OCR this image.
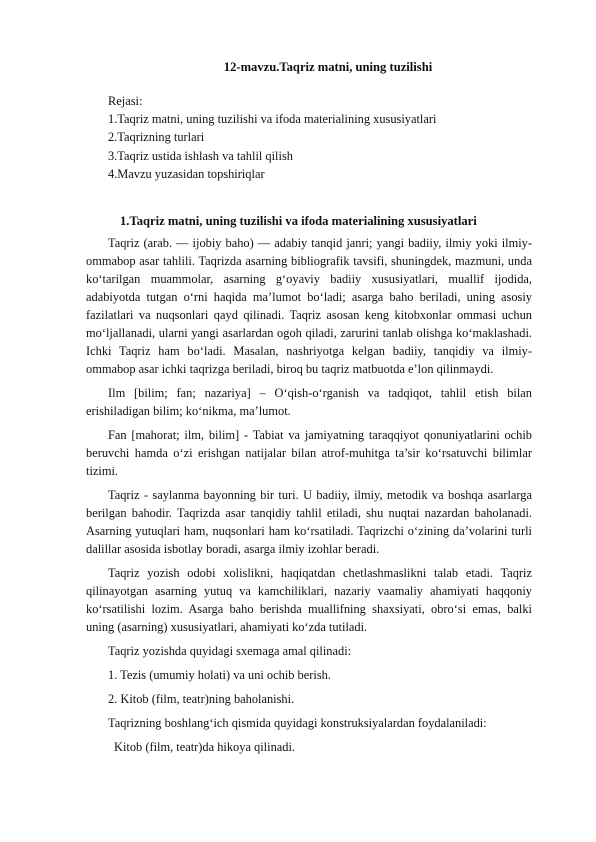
12-mavzu.Taqriz matni, uning tuzilishi
Rejasi:
1.Taqriz matni, uning tuzilishi va ifoda materialining xususiyatlari
2.Taqrizning turlari
3.Taqriz ustida ishlash va tahlil qilish
4.Mavzu yuzasidan topshiriqlar
1.Taqriz matni, uning tuzilishi va ifoda materialining xususiyatlari

Taqriz (arab. — ijobiy baho) — adabiy tanqid janri; yangi badiiy, ilmiy yoki ilmiy-ommabop asar tahlili. Taqrizda asarning bibliografik tavsifi, shuningdek, mazmuni, unda ko‘tarilgan muammolar, asarning g‘oyaviy badiiy xususiyatlari, muallif ijodida, adabiyotda tutgan o‘rni haqida ma’lumot bo‘ladi; asarga baho beriladi, uning asosiy fazilatlari va nuqsonlari qayd qilinadi. Taqriz asosan keng kitobxonlar ommasi uchun mo‘ljallanadi, ularni yangi asarlardan ogoh qiladi, zarurini tanlab olishga ko‘maklashadi. Ichki Taqriz ham bo‘ladi. Masalan, nashriyotga kelgan badiiy, tanqidiy va ilmiy-ommabop asar ichki taqrizga beriladi, biroq bu taqriz matbuotda e’lon qilinmaydi.

Ilm [bilim; fan; nazariya] – O‘qish-o‘rganish va tadqiqot, tahlil etish bilan erishiladigan bilim; ko‘nikma, ma’lumot.

Fan [mahorat; ilm, bilim] - Tabiat va jamiyatning taraqqiyot qonuniyatlarini ochib beruvchi hamda o‘zi erishgan natijalar bilan atrof-muhitga ta’sir ko‘rsatuvchi bilimlar tizimi.

Taqriz - saylanma bayonning bir turi. U badiiy, ilmiy, metodik va boshqa asarlarga berilgan bahodir. Taqrizda asar tanqidiy tahlil etiladi, shu nuqtai nazardan baholanadi. Asarning yutuqlari ham, nuqsonlari ham ko‘rsatiladi. Taqrizchi o‘zining da’volarini turli dalillar asosida isbotlay boradi, asarga ilmiy izohlar beradi.

Taqriz yozish odobi xolislikni, haqiqatdan chetlashmaslikni talab etadi. Taqriz qilinayotgan asarning yutuq va kamchiliklari, nazariy vaamaliy ahamiyati haqqoniy ko‘rsatilishi lozim. Asarga baho berishda muallifning shaxsiyati, obro‘si emas, balki uning (asarning) xususiyatlari, ahamiyati ko‘zda tutiladi.

Taqriz yozishda quyidagi sxemaga amal qilinadi:
1. Tezis (umumiy holati) va uni ochib berish.
2. Kitob (film, teatr)ning baholanishi.
Taqrizning boshlang‘ich qismida quyidagi konstruksiyalardan foydalaniladi:
Kitob (film, teatr)da hikoya qilinadi.
